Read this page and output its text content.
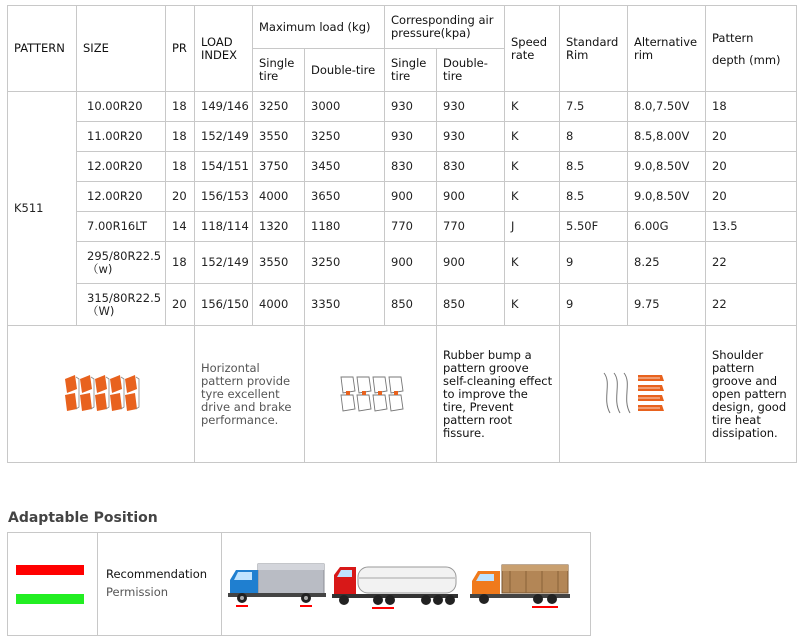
PATTERN	SIZE	PR	LOAD INDEX	Maximum load (kg)		Corresponding air pressure(kpa)		Speed rate	Standard Rim	Alternative rim	Pattern depth (mm)
				Single tire	Double-tire	Single tire	Double-tire				
K511	10.00R20	18	149/146	3250	3000	930	930	K	7.5	8.0,7.50V	18
	11.00R20	18	152/149	3550	3250	930	930	K	8	8.5,8.00V	20
	12.00R20	18	154/151	3750	3450	830	830	K	8.5	9.0,8.50V	20
	12.00R20	20	156/153	4000	3650	900	900	K	8.5	9.0,8.50V	20
	7.00R16LT	14	118/114	1320	1180	770	770	J	5.50F	6.00G	13.5
	295/80R22.5 （w)	18	152/149	3550	3250	900	900	K	9	8.25	22
	315/80R22.5 （W)	20	156/150	4000	3350	850	850	K	9	9.75	22
	Horizontal pattern provide tyre excellent drive and brake performance.				Rubber bump a pattern groove self-cleaning effect to improve the tire, Prevent pattern root fissure.				Shoulder pattern groove and open pattern design, good tire heat dissipation.
Adaptable Position
Recommendation
Permission
